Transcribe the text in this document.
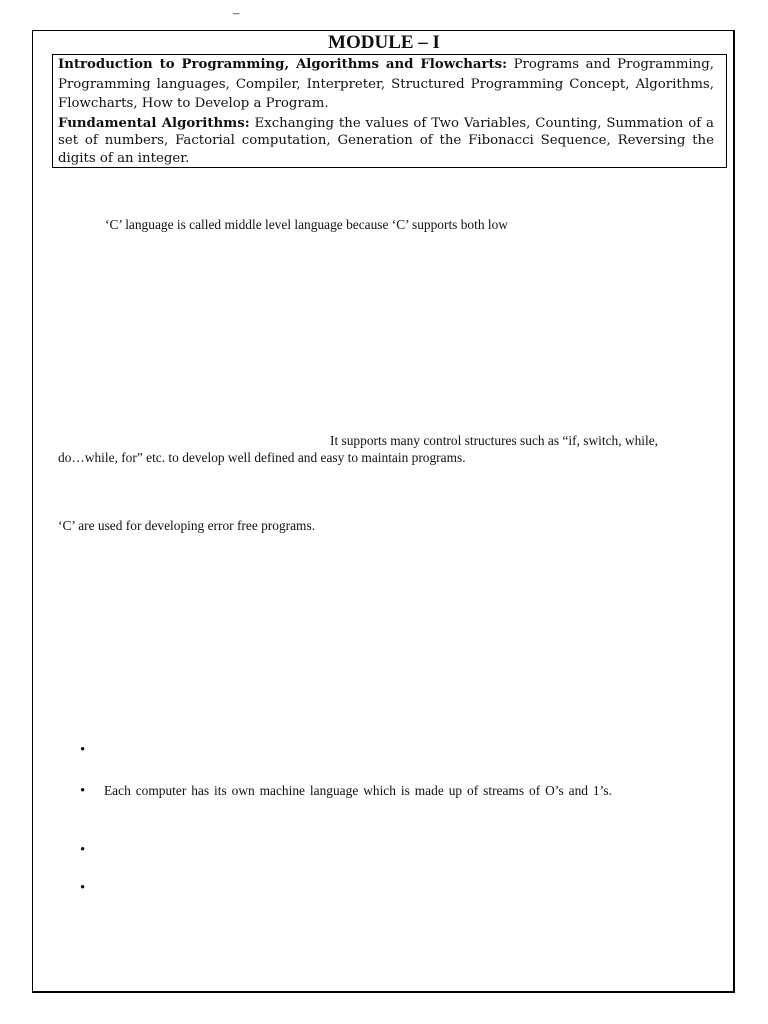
–
MODULE – I

Introduction to Programming, Algorithms and Flowcharts: Programs and Programming, Programming languages, Compiler, Interpreter, Structured Programming Concept, Algorithms, Flowcharts, How to Develop a Program.

Fundamental Algorithms: Exchanging the values of Two Variables, Counting, Summation of a set of numbers, Factorial computation, Generation of the Fibonacci Sequence, Reversing the digits of an integer.

‘C’ language is called middle level language because ‘C’ supports both low
It supports many control structures such as “if, switch, while,
do…while, for” etc. to develop well defined and easy to maintain programs.
‘C’ are used for developing error free programs.
•
•	Each computer has its own machine language which is made up of streams of O’s and 1’s.
•
•
